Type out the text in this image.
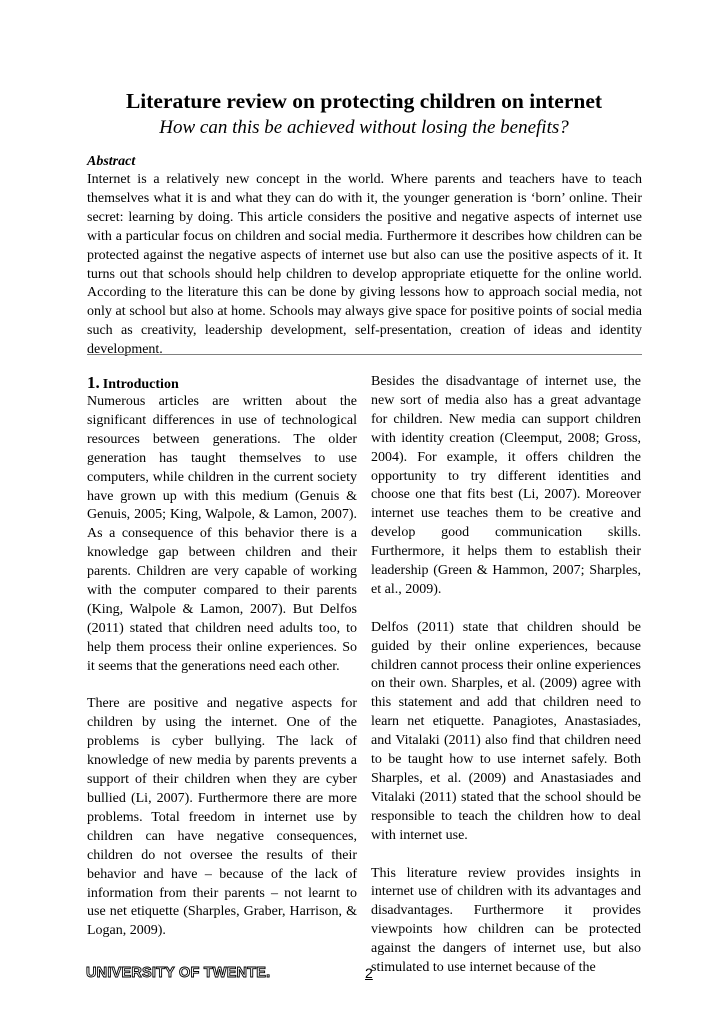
Literature review on protecting children on internet
How can this be achieved without losing the benefits?
Abstract
Internet is a relatively new concept in the world. Where parents and teachers have to teach themselves what it is and what they can do with it, the younger generation is ‘born’ online. Their secret: learning by doing. This article considers the positive and negative aspects of internet use with a particular focus on children and social media. Furthermore it describes how children can be protected against the negative aspects of internet use but also can use the positive aspects of it. It turns out that schools should help children to develop appropriate etiquette for the online world. According to the literature this can be done by giving lessons how to approach social media, not only at school but also at home. Schools may always give space for positive points of social media such as creativity, leadership development, self-presentation, creation of ideas and identity development.
1. Introduction

Numerous articles are written about the significant differences in use of technological resources between generations. The older generation has taught themselves to use computers, while children in the current society have grown up with this medium (Genuis & Genuis, 2005; King, Walpole, & Lamon, 2007). As a consequence of this behavior there is a knowledge gap between children and their parents. Children are very capable of working with the computer compared to their parents (King, Walpole & Lamon, 2007). But Delfos (2011) stated that children need adults too, to help them process their online experiences. So it seems that the generations need each other.

There are positive and negative aspects for children by using the internet. One of the problems is cyber bullying. The lack of knowledge of new media by parents prevents a support of their children when they are cyber bullied (Li, 2007). Furthermore there are more problems. Total freedom in internet use by children can have negative consequences, children do not oversee the results of their behavior and have – because of the lack of information from their parents – not learnt to use net etiquette (Sharples, Graber, Harrison, & Logan, 2009).

Besides the disadvantage of internet use, the new sort of media also has a great advantage for children. New media can support children with identity creation (Cleemput, 2008; Gross, 2004). For example, it offers children the opportunity to try different identities and choose one that fits best (Li, 2007). Moreover internet use teaches them to be creative and develop good communication skills. Furthermore, it helps them to establish their leadership (Green & Hammon, 2007; Sharples, et al., 2009).

Delfos (2011) state that children should be guided by their online experiences, because children cannot process their online experiences on their own. Sharples, et al. (2009) agree with this statement and add that children need to learn net etiquette. Panagiotes, Anastasiades, and Vitalaki (2011) also find that children need to be taught how to use internet safely. Both Sharples, et al. (2009) and Anastasiades and Vitalaki (2011) stated that the school should be responsible to teach the children how to deal with internet use.

This literature review provides insights in internet use of children with its advantages and disadvantages. Furthermore it provides viewpoints how children can be protected against the dangers of internet use, but also stimulated to use internet because of the

UNIVERSITY OF TWENTE.	2
